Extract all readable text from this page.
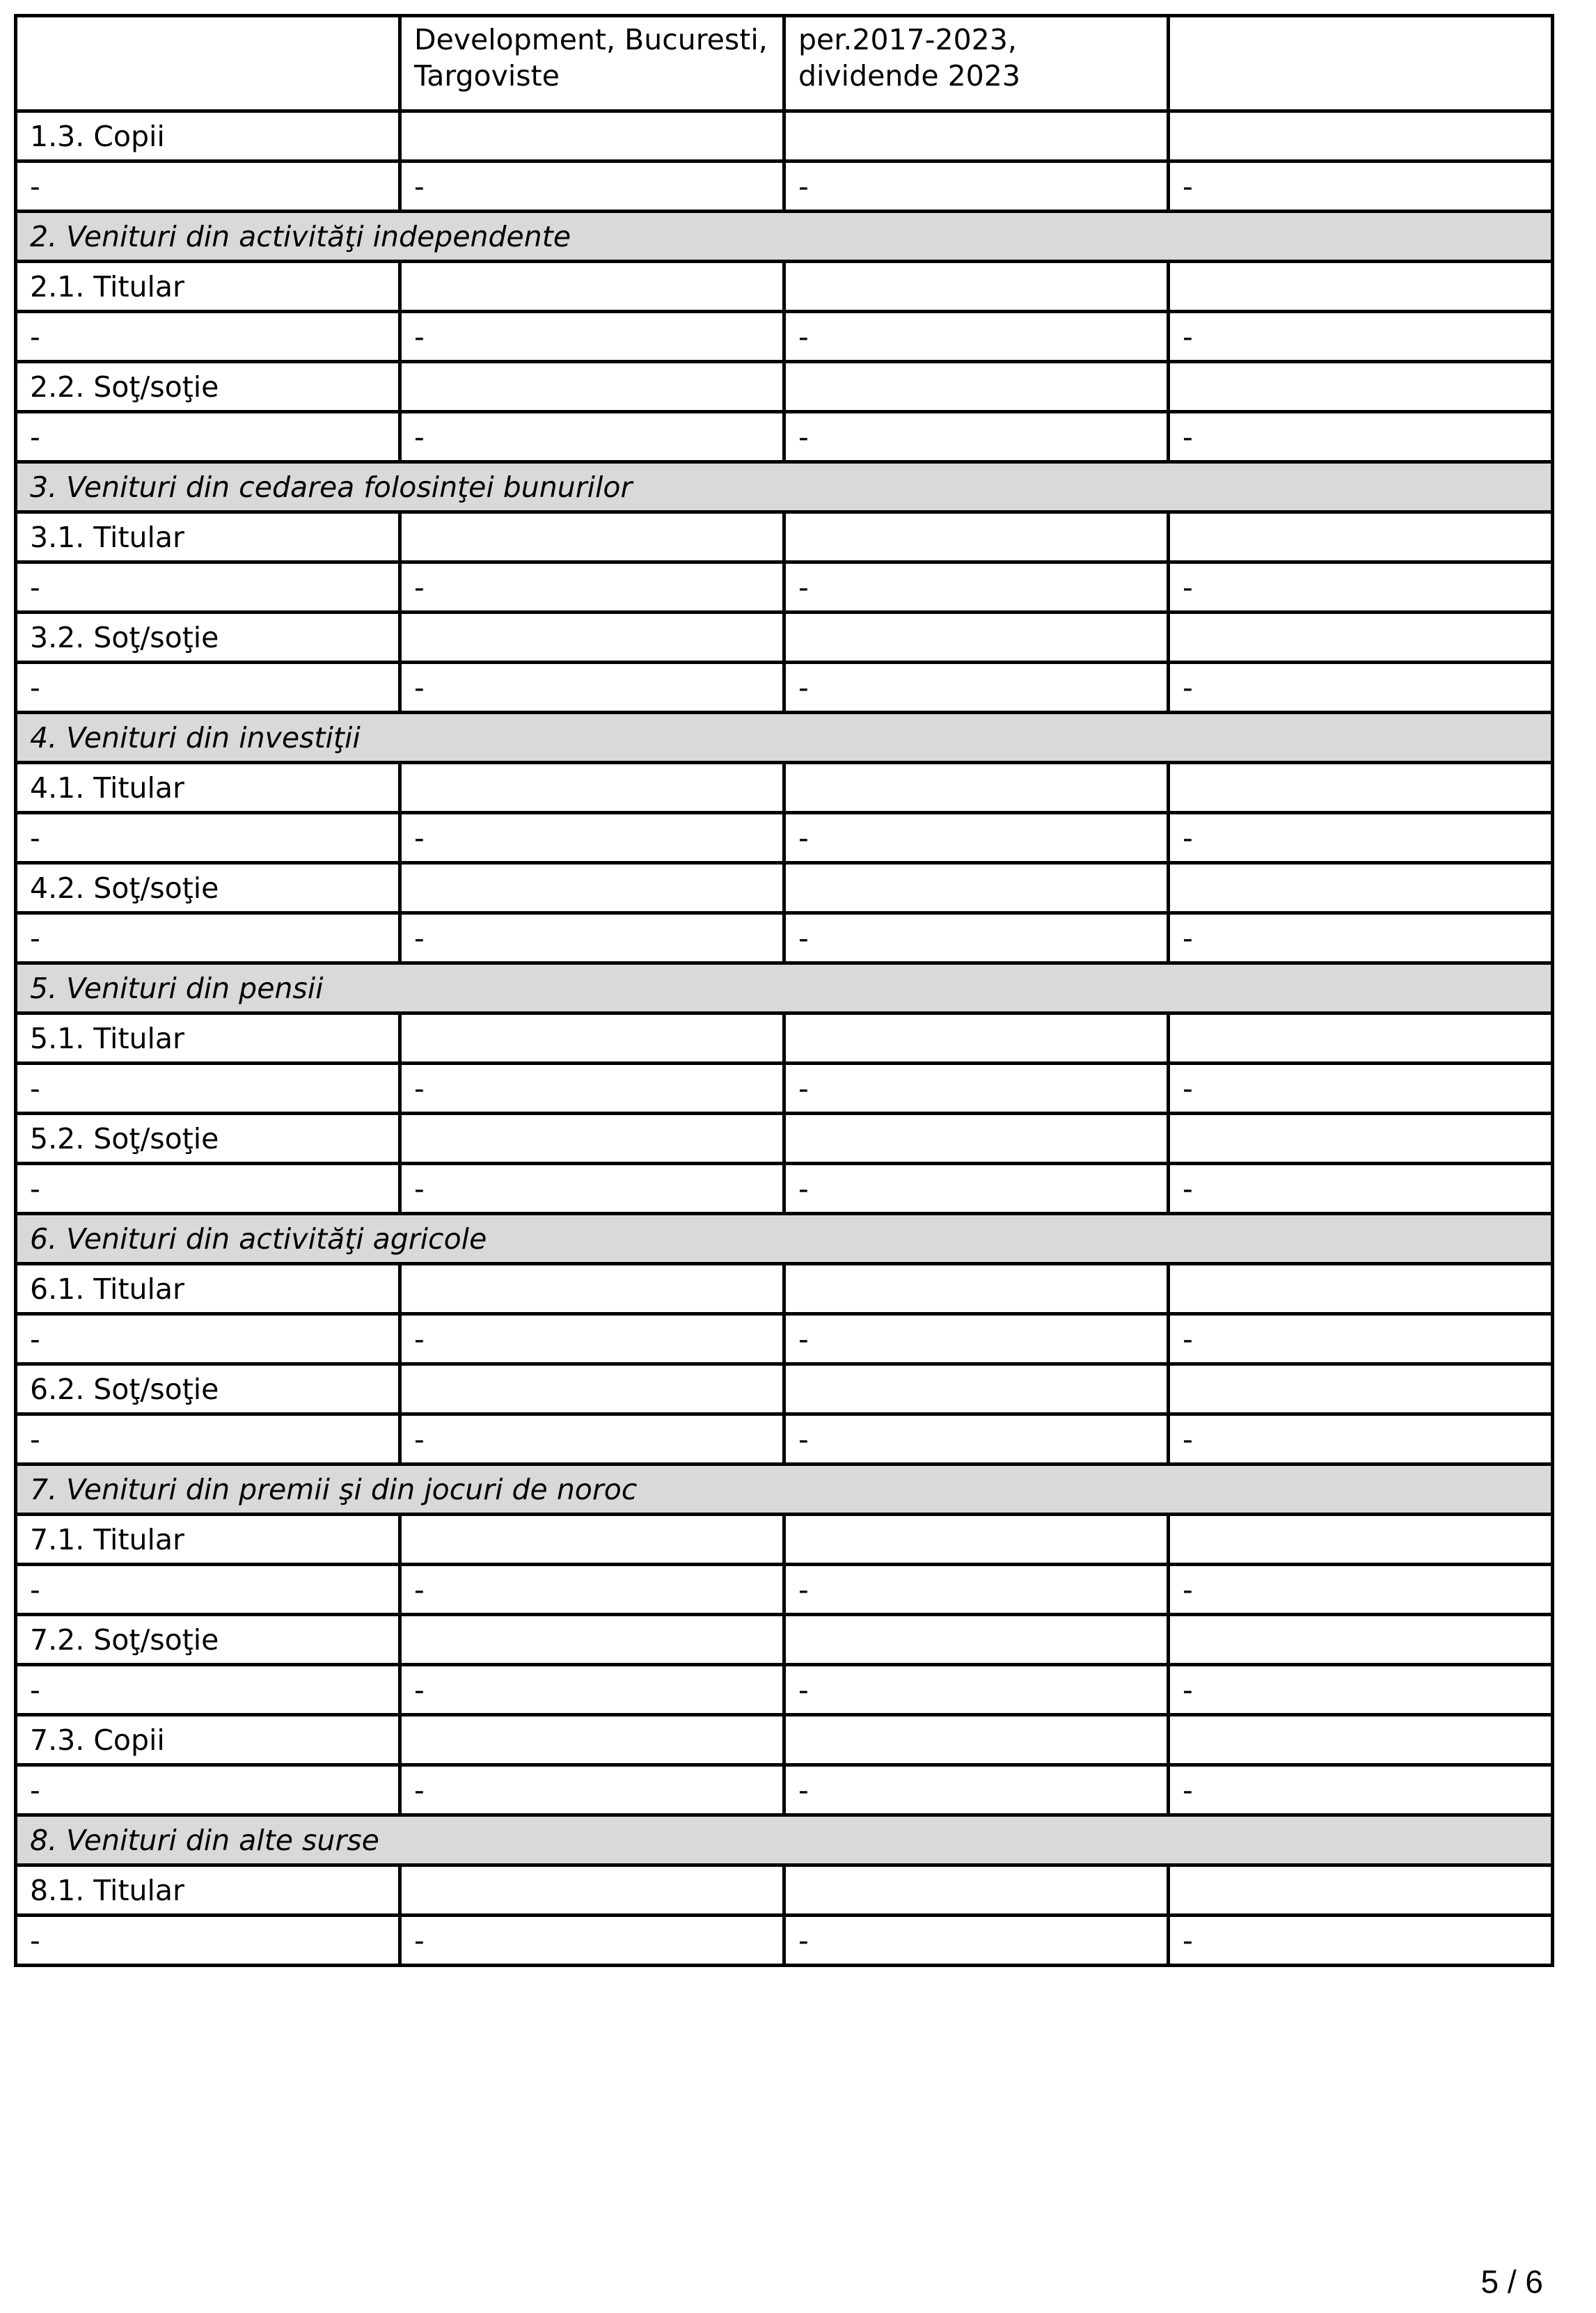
	Development, Bucuresti, Targoviste	per.2017-2023, dividende 2023	
1.3. Copii			
-	-	-	-
2. Venituri din activităţi independente			
2.1. Titular			
-	-	-	-
2.2. Soţ/soţie			
-	-	-	-
3. Venituri din cedarea folosinţei bunurilor			
3.1. Titular			
-	-	-	-
3.2. Soţ/soţie			
-	-	-	-
4. Venituri din investiţii			
4.1. Titular			
-	-	-	-
4.2. Soţ/soţie			
-	-	-	-
5. Venituri din pensii			
5.1. Titular			
-	-	-	-
5.2. Soţ/soţie			
-	-	-	-
6. Venituri din activităţi agricole			
6.1. Titular			
-	-	-	-
6.2. Soţ/soţie			
-	-	-	-
7. Venituri din premii şi din jocuri de noroc			
7.1. Titular			
-	-	-	-
7.2. Soţ/soţie			
-	-	-	-
7.3. Copii			
-	-	-	-
8. Venituri din alte surse			
8.1. Titular			
-	-	-	-
5 / 6
